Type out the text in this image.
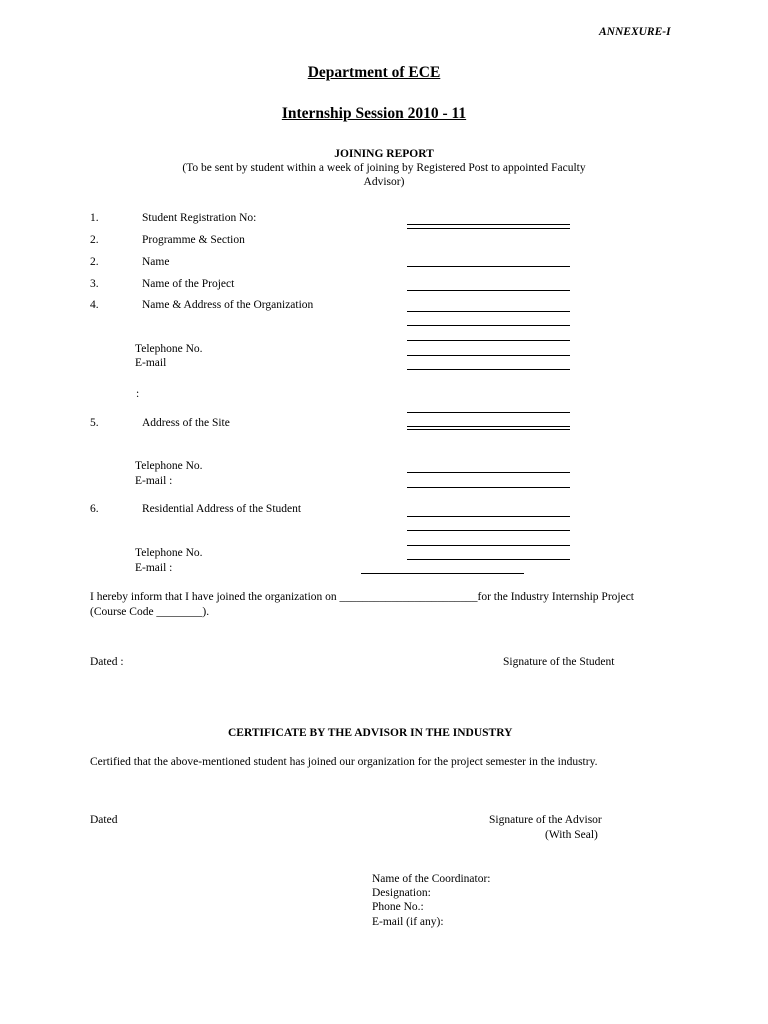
ANNEXURE-I
Department of ECE
Internship Session 2010 - 11
JOINING REPORT
(To be sent by student within a week of joining by Registered Post to appointed Faculty
Advisor)
1.	Student Registration No:
2.	Programme & Section
2.	Name
3.	Name of the Project
4.	Name & Address of the Organization
Telephone No.
E-mail
:
5.	Address of the Site
Telephone No.
E-mail :
6.	Residential Address of the Student
Telephone No.
E-mail :
I hereby inform that I have joined the organization on ________________________for the Industry Internship Project
(Course Code ________).
Dated :	Signature of the Student
CERTIFICATE BY THE ADVISOR IN THE INDUSTRY
Certified that the above-mentioned student has joined our organization for the project semester in the industry.
Dated	Signature of the Advisor
(With Seal)
Name of the Coordinator:
Designation:
Phone No.:
E-mail (if any):
